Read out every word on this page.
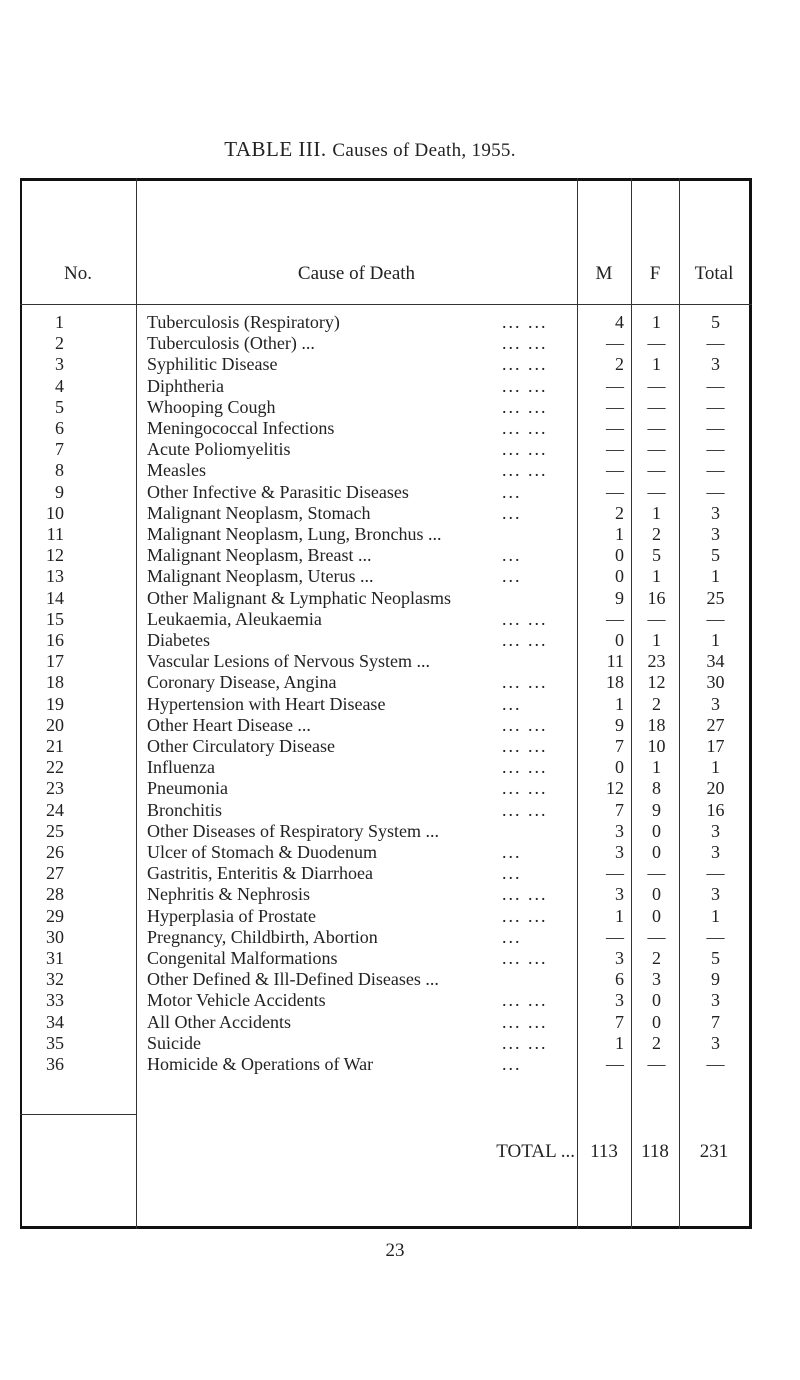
TABLE III. Causes of Death, 1955.
No.	Cause of Death	M	F	Total
1	Tuberculosis (Respiratory)	... ...	4	1	5
2	Tuberculosis (Other) ...	... ...	—	—	—
3	Syphilitic Disease	... ...	2	1	3
4	Diphtheria	... ...	—	—	—
5	Whooping Cough	... ...	—	—	—
6	Meningococcal Infections	... ...	—	—	—
7	Acute Poliomyelitis	... ...	—	—	—
8	Measles	... ...	—	—	—
9	Other Infective & Parasitic Diseases	...	—	—	—
10	Malignant Neoplasm, Stomach	...	2	1	3
11	Malignant Neoplasm, Lung, Bronchus ...	1	2	3
12	Malignant Neoplasm, Breast ...	...	0	5	5
13	Malignant Neoplasm, Uterus ...	...	0	1	1
14	Other Malignant & Lymphatic Neoplasms	9	16	25
15	Leukaemia, Aleukaemia	... ...	—	—	—
16	Diabetes	... ...	0	1	1
17	Vascular Lesions of Nervous System ...	11	23	34
18	Coronary Disease, Angina	... ...	18	12	30
19	Hypertension with Heart Disease	...	1	2	3
20	Other Heart Disease ...	... ...	9	18	27
21	Other Circulatory Disease	... ...	7	10	17
22	Influenza	... ...	0	1	1
23	Pneumonia	... ...	12	8	20
24	Bronchitis	... ...	7	9	16
25	Other Diseases of Respiratory System ...	3	0	3
26	Ulcer of Stomach & Duodenum	...	3	0	3
27	Gastritis, Enteritis & Diarrhoea	...	—	—	—
28	Nephritis & Nephrosis	... ...	3	0	3
29	Hyperplasia of Prostate	... ...	1	0	1
30	Pregnancy, Childbirth, Abortion	...	—	—	—
31	Congenital Malformations	... ...	3	2	5
32	Other Defined & Ill-Defined Diseases ...	6	3	9
33	Motor Vehicle Accidents	... ...	3	0	3
34	All Other Accidents	... ...	7	0	7
35	Suicide	... ...	1	2	3
36	Homicide & Operations of War	...	—	—	—
TOTAL ... 113	118	231
23
